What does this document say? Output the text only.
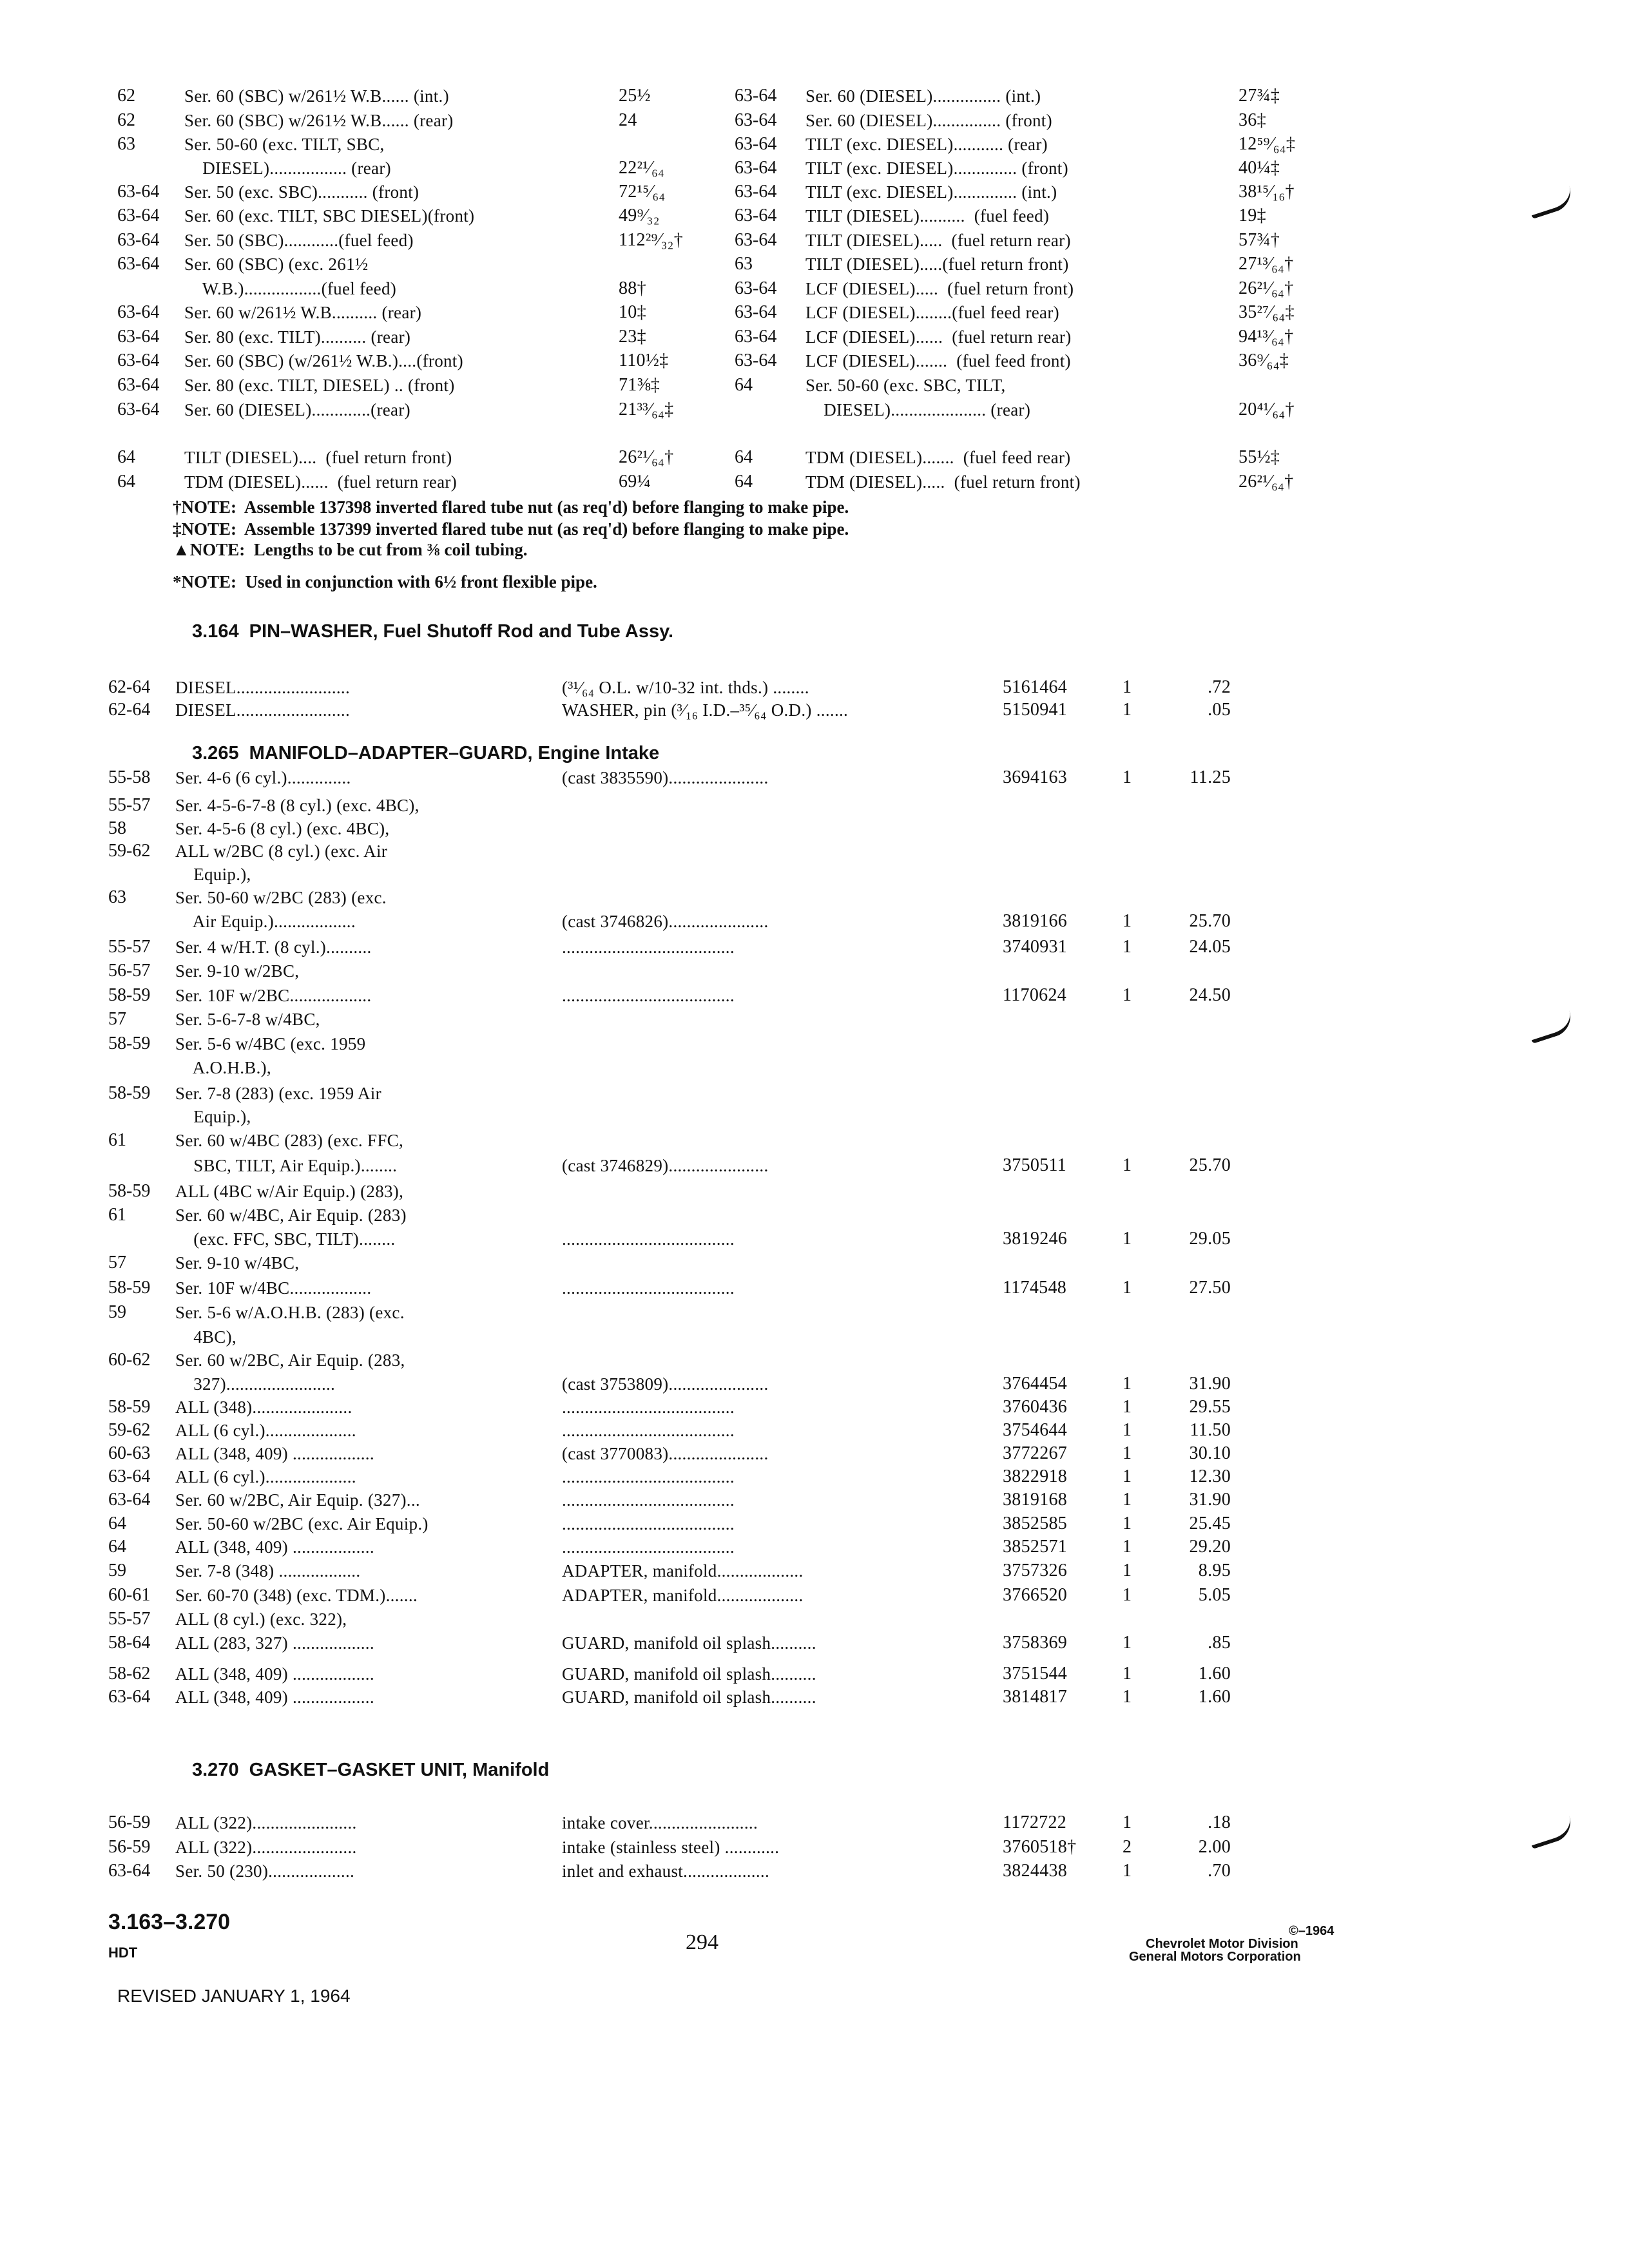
62	Ser. 60 (SBC) w/261½ W.B...... (int.)	25½
62	Ser. 60 (SBC) w/261½ W.B...... (rear)	24
63	Ser. 50-60 (exc. TILT, SBC,
DIESEL)................. (rear)	22²¹⁄₆₄
63-64 Ser. 50 (exc. SBC)........... (front)	72¹⁵⁄₆₄
63-64 Ser. 60 (exc. TILT, SBC DIESEL)(front)	49⁹⁄₃₂
63-64 Ser. 50 (SBC)............(fuel feed)	112²⁹⁄₃₂†
63-64 Ser. 60 (SBC) (exc. 261½
W.B.).................(fuel feed)	88†
63-64 Ser. 60 w/261½ W.B.......... (rear)	10‡
63-64 Ser. 80 (exc. TILT).......... (rear)	23‡
63-64 Ser. 60 (SBC) (w/261½ W.B.)....(front)	110½‡
63-64 Ser. 80 (exc. TILT, DIESEL) .. (front)	71⅜‡
63-64 Ser. 60 (DIESEL).............(rear)	21³³⁄₆₄‡
64	TILT (DIESEL)....  (fuel return front)	26²¹⁄₆₄†
64	TDM (DIESEL)......  (fuel return rear)	69¼
63-64 Ser. 60 (DIESEL)............... (int.)	27¾‡
63-64 Ser. 60 (DIESEL)............... (front)	36‡
63-64 TILT (exc. DIESEL)........... (rear)	12⁵⁹⁄₆₄‡
63-64 TILT (exc. DIESEL).............. (front)	40¼‡
63-64 TILT (exc. DIESEL).............. (int.)	38¹⁵⁄₁₆†
63-64 TILT (DIESEL)..........  (fuel feed)	19‡
63-64 TILT (DIESEL).....  (fuel return rear)	57¾†
63	TILT (DIESEL).....(fuel return front)	27¹³⁄₆₄†
63-64 LCF (DIESEL).....  (fuel return front)	26²¹⁄₆₄†
63-64 LCF (DIESEL)........(fuel feed rear)	35²⁷⁄₆₄‡
63-64 LCF (DIESEL)......  (fuel return rear)	94¹³⁄₆₄†
63-64 LCF (DIESEL).......  (fuel feed front)	36⁹⁄₆₄‡
64	Ser. 50-60 (exc. SBC, TILT,
DIESEL)..................... (rear)	20⁴¹⁄₆₄†
64	TDM (DIESEL).......  (fuel feed rear)	55½‡
64	TDM (DIESEL).....  (fuel return front)	26²¹⁄₆₄†
†NOTE:  Assemble 137398 inverted flared tube nut (as req'd) before flanging to make pipe.
‡NOTE:  Assemble 137399 inverted flared tube nut (as req'd) before flanging to make pipe.
▲NOTE:  Lengths to be cut from ⅜ coil tubing.
*NOTE:  Used in conjunction with 6½ front flexible pipe.
3.164  PIN–WASHER, Fuel Shutoff Rod and Tube Assy.
62-64 DIESEL.........................	(³¹⁄₆₄ O.L. w/10-32 int. thds.) ........	5161464	1	.72
62-64 DIESEL.........................	WASHER, pin (³⁄₁₆ I.D.–³⁵⁄₆₄ O.D.) .......	5150941	1	.05
3.265  MANIFOLD–ADAPTER–GUARD, Engine Intake
55-58 Ser. 4-6 (6 cyl.)..............	(cast 3835590)......................	3694163	1	11.25
55-57 Ser. 4-5-6-7-8 (8 cyl.) (exc. 4BC),
58	Ser. 4-5-6 (8 cyl.) (exc. 4BC),
59-62 ALL w/2BC (8 cyl.) (exc. Air
Equip.),
63	Ser. 50-60 w/2BC (283) (exc.
Air Equip.)..................	(cast 3746826)......................	3819166	1	25.70
55-57 Ser. 4 w/H.T. (8 cyl.)..........	......................................	3740931	1	24.05
56-57 Ser. 9-10 w/2BC,
58-59 Ser. 10F w/2BC..................	......................................	1170624	1	24.50
57	Ser. 5-6-7-8 w/4BC,
58-59 Ser. 5-6 w/4BC (exc. 1959
A.O.H.B.),
58-59 Ser. 7-8 (283) (exc. 1959 Air
Equip.),
61	Ser. 60 w/4BC (283) (exc. FFC,
SBC, TILT, Air Equip.)........	(cast 3746829)......................	3750511	1	25.70
58-59 ALL (4BC w/Air Equip.) (283),
61	Ser. 60 w/4BC, Air Equip. (283)
(exc. FFC, SBC, TILT)........	......................................	3819246	1	29.05
57	Ser. 9-10 w/4BC,
58-59 Ser. 10F w/4BC..................	......................................	1174548	1	27.50
59	Ser. 5-6 w/A.O.H.B. (283) (exc.
4BC),
60-62 Ser. 60 w/2BC, Air Equip. (283,
327)........................	(cast 3753809)......................	3764454	1	31.90
58-59 ALL (348)......................	......................................	3760436	1	29.55
59-62 ALL (6 cyl.)....................	......................................	3754644	1	11.50
60-63 ALL (348, 409) ..................	(cast 3770083)......................	3772267	1	30.10
63-64 ALL (6 cyl.)....................	......................................	3822918	1	12.30
63-64 Ser. 60 w/2BC, Air Equip. (327)...	......................................	3819168	1	31.90
64	Ser. 50-60 w/2BC (exc. Air Equip.)	......................................	3852585	1	25.45
64	ALL (348, 409) ..................	......................................	3852571	1	29.20
59	Ser. 7-8 (348) ..................	ADAPTER, manifold...................	3757326	1	8.95
60-61 Ser. 60-70 (348) (exc. TDM.).......	ADAPTER, manifold...................	3766520	1	5.05
55-57 ALL (8 cyl.) (exc. 322),
58-64 ALL (283, 327) ..................	GUARD, manifold oil splash..........	3758369	1	.85
58-62 ALL (348, 409) ..................	GUARD, manifold oil splash..........	3751544	1	1.60
63-64 ALL (348, 409) ..................	GUARD, manifold oil splash..........	3814817	1	1.60
3.270  GASKET–GASKET UNIT, Manifold
56-59 ALL (322).......................	intake cover........................	1172722	1	.18
56-59 ALL (322).......................	intake (stainless steel) ............	3760518†	2	2.00
63-64 Ser. 50 (230)...................	inlet and exhaust...................	3824438	1	.70
3.163–3.270
HDT	294	©–1964
Chevrolet Motor Division
General Motors Corporation
REVISED JANUARY 1, 1964
